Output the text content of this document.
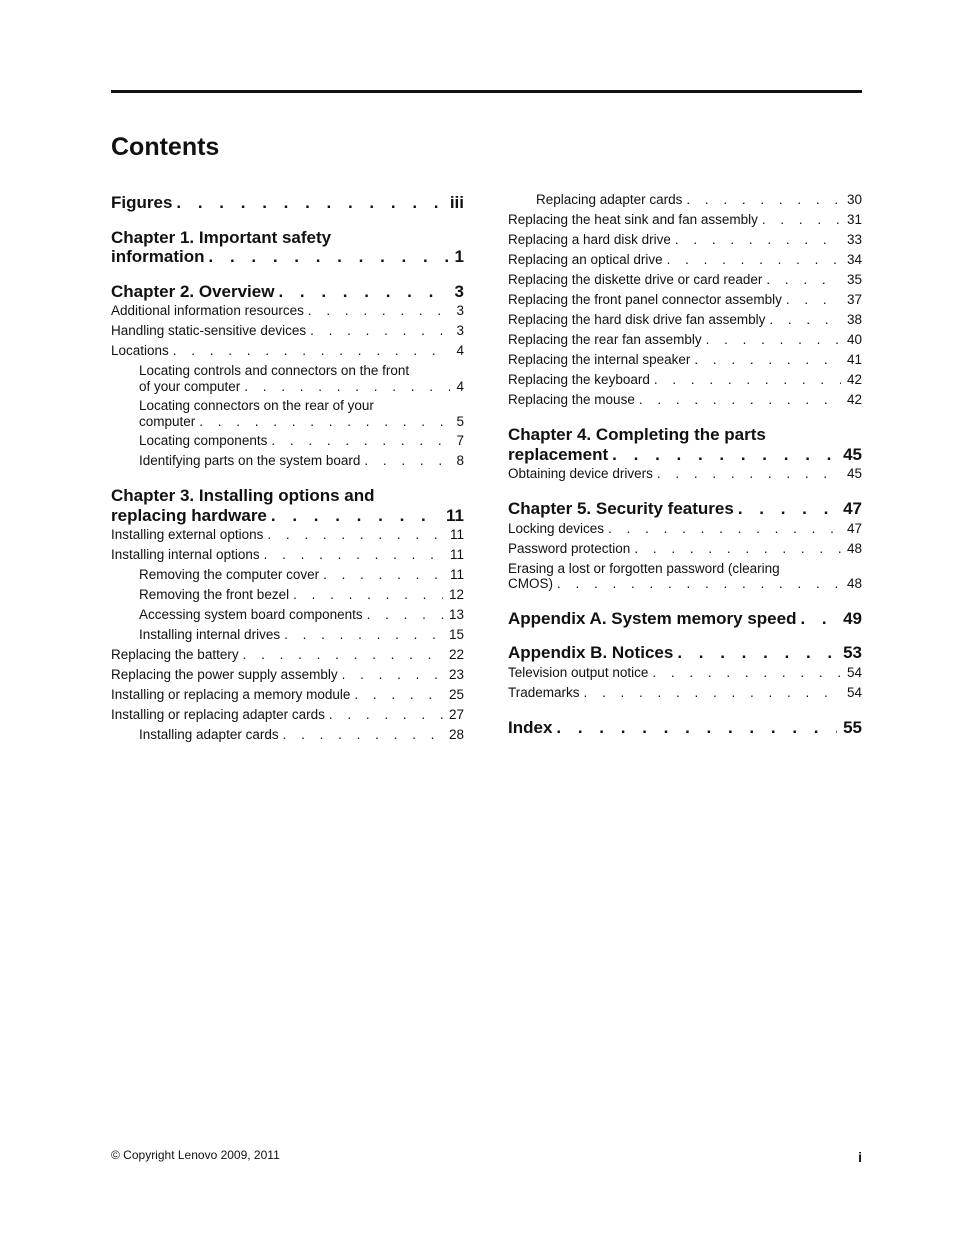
Contents
Figures . . .	iii
Chapter 1. Important safety
information . . .	1
Chapter 2. Overview . . .	3
Additional information resources . . .	3
Handling static-sensitive devices . . .	3
Locations . . .	4
Locating controls and connectors on the front
of your computer . . .	4
Locating connectors on the rear of your
computer . . .	5
Locating components . . .	7
Identifying parts on the system board . . .	8
Chapter 3. Installing options and
replacing hardware . . .	11
Installing external options . . .	11
Installing internal options . . .	11
Removing the computer cover . . .	11
Removing the front bezel . . .	12
Accessing system board components . . .	13
Installing internal drives . . .	15
Replacing the battery . . .	22
Replacing the power supply assembly . . .	23
Installing or replacing a memory module . . .	25
Installing or replacing adapter cards . . .	27
Installing adapter cards . . .	28
Replacing adapter cards . . .	30
Replacing the heat sink and fan assembly . . .	31
Replacing a hard disk drive . . .	33
Replacing an optical drive . . .	34
Replacing the diskette drive or card reader . . .	35
Replacing the front panel connector assembly . . .	37
Replacing the hard disk drive fan assembly . . .	38
Replacing the rear fan assembly . . .	40
Replacing the internal speaker . . .	41
Replacing the keyboard . . .	42
Replacing the mouse . . .	42
Chapter 4. Completing the parts
replacement . . .	45
Obtaining device drivers . . .	45
Chapter 5. Security features . . .	47
Locking devices . . .	47
Password protection . . .	48
Erasing a lost or forgotten password (clearing
CMOS) . . .	48
Appendix A. System memory speed . . .	49
Appendix B. Notices . . .	53
Television output notice . . .	54
Trademarks . . .	54
Index . . .	55
© Copyright Lenovo 2009, 2011	i
